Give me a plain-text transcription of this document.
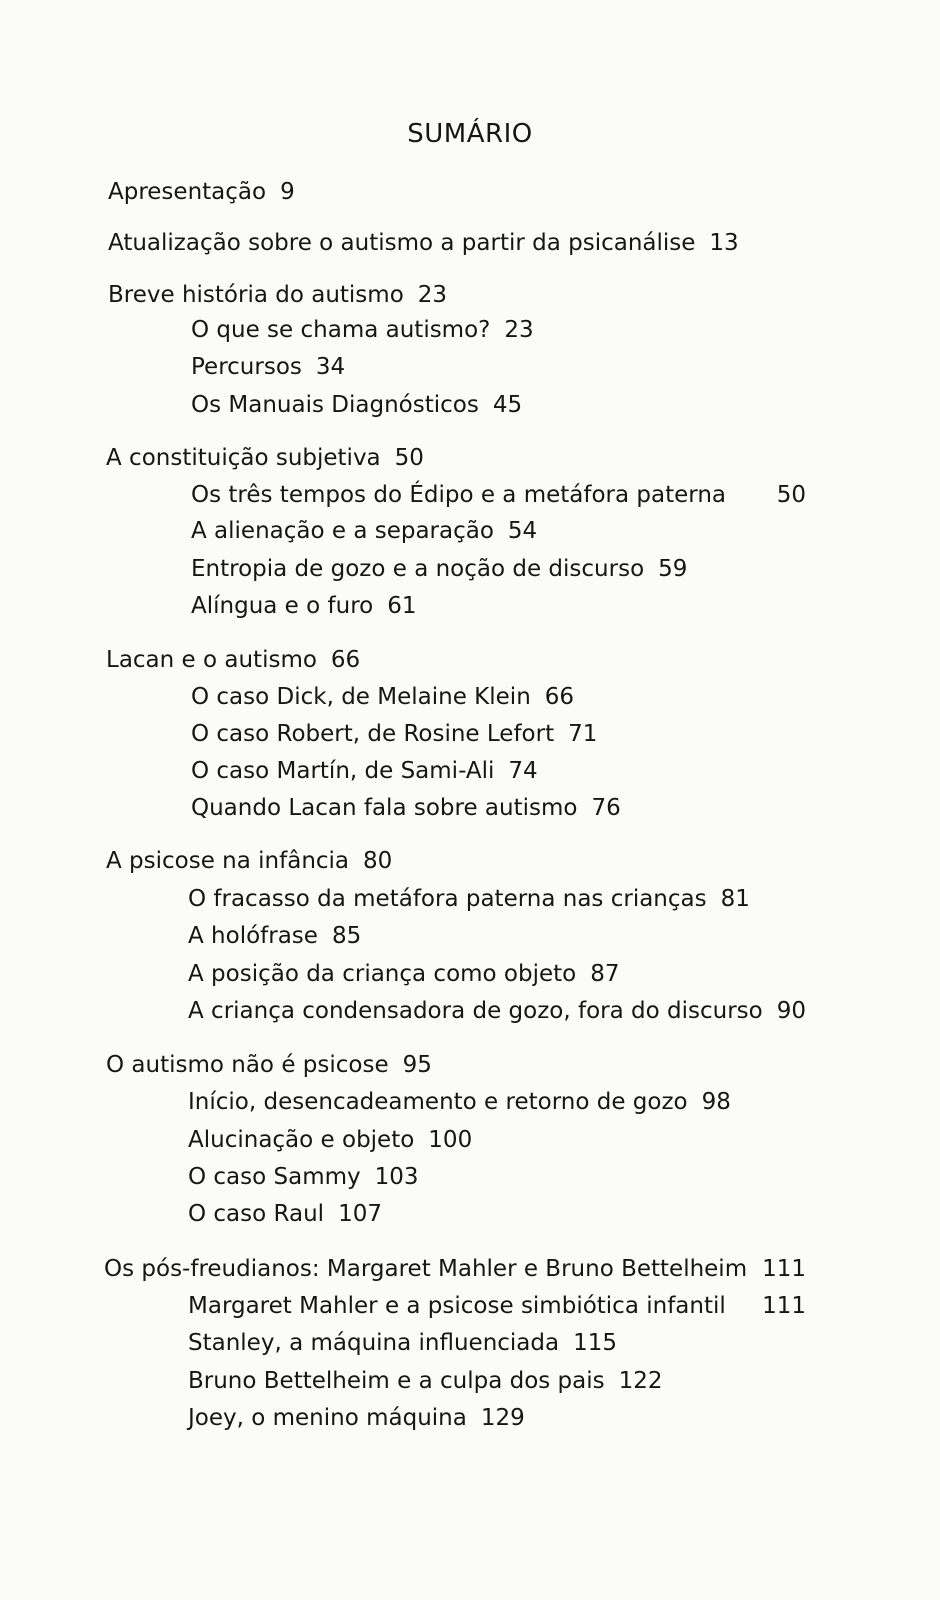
SUMÁRIO
Apresentação 9
Atualização sobre o autismo a partir da psicanálise 13
Breve história do autismo 23
O que se chama autismo? 23
Percursos 34
Os Manuais Diagnósticos 45
A constituição subjetiva 50
Os três tempos do Édipo e a metáfora paterna 50
A alienação e a separação 54
Entropia de gozo e a noção de discurso 59
Alíngua e o furo 61
Lacan e o autismo 66
O caso Dick, de Melaine Klein 66
O caso Robert, de Rosine Lefort 71
O caso Martín, de Sami-Ali 74
Quando Lacan fala sobre autismo 76
A psicose na infância 80
O fracasso da metáfora paterna nas crianças 81
A holófrase 85
A posição da criança como objeto 87
A criança condensadora de gozo, fora do discurso 90
O autismo não é psicose 95
Início, desencadeamento e retorno de gozo 98
Alucinação e objeto 100
O caso Sammy 103
O caso Raul 107
Os pós-freudianos: Margaret Mahler e Bruno Bettelheim 111
Margaret Mahler e a psicose simbiótica infantil 111
Stanley, a máquina influenciada 115
Bruno Bettelheim e a culpa dos pais 122
Joey, o menino máquina 129
